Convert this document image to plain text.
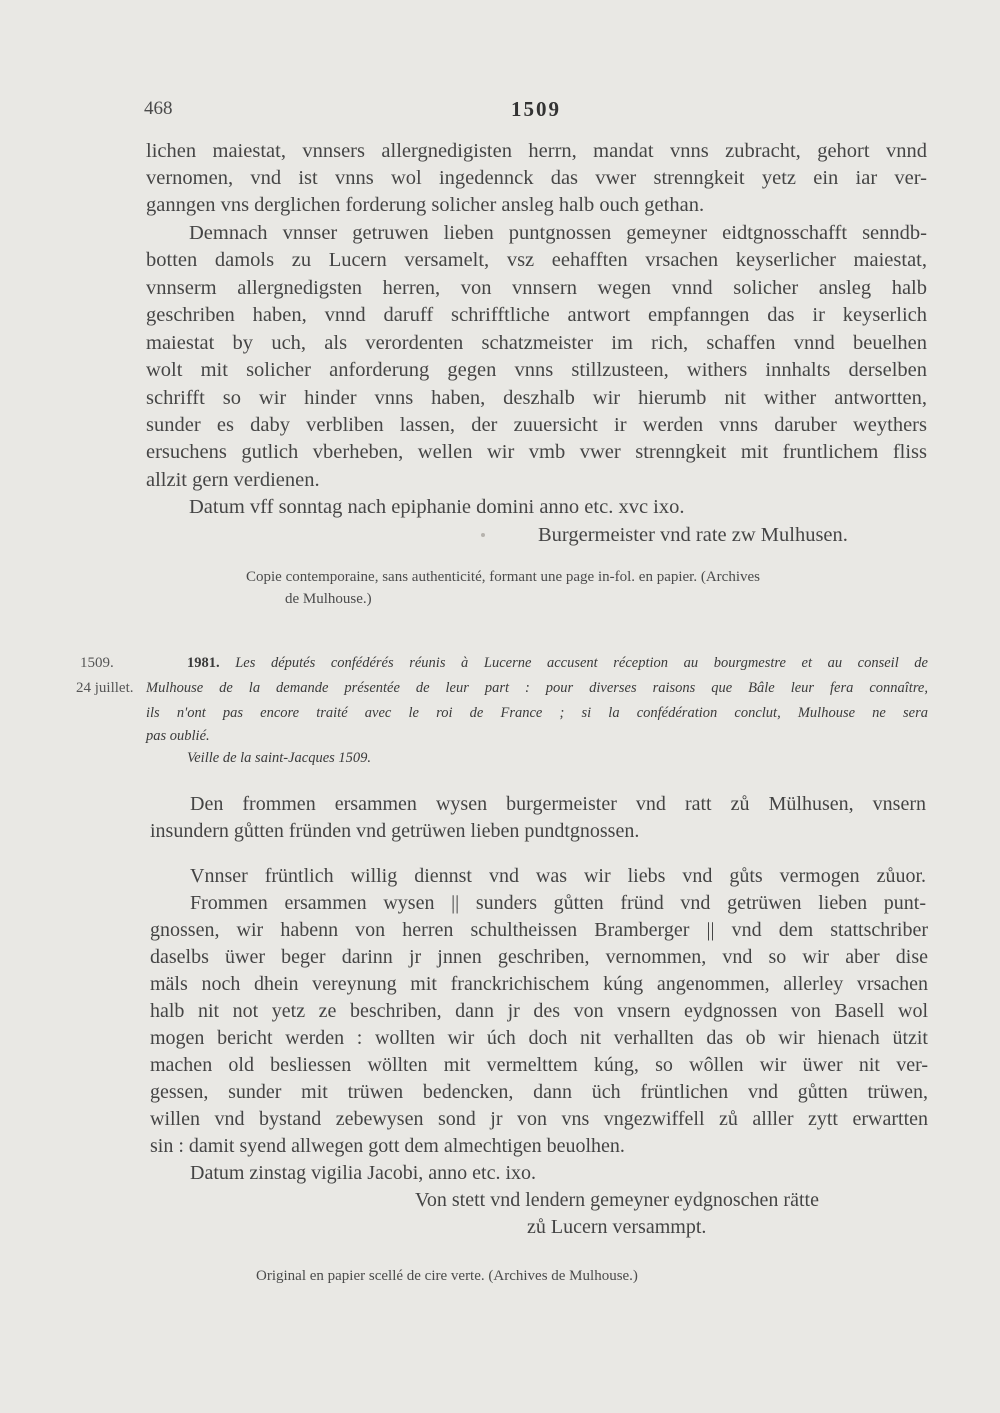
468	1509
lichen maiestat, vnnsers allergnedigisten herrn, mandat vnns zubracht, gehort vnnd
vernomen, vnd ist vnns wol ingedennck das vwer strenngkeit yetz ein iar ver-
ganngen vns derglichen forderung solicher ansleg halb ouch gethan.
Demnach vnnser getruwen lieben puntgnossen gemeyner eidtgnosschafft senndb-
botten damols zu Lucern versamelt, vsz eehafften vrsachen keyserlicher maiestat,
vnnserm allergnedigsten herren, von vnnsern wegen vnnd solicher ansleg halb
geschriben haben, vnnd daruff schrifftliche antwort empfanngen das ir keyserlich
maiestat by uch, als verordenten schatzmeister im rich, schaffen vnnd beuelhen
wolt mit solicher anforderung gegen vnns stillzusteen, withers innhalts derselben
schrifft so wir hinder vnns haben, deszhalb wir hierumb nit wither antwortten,
sunder es daby verbliben lassen, der zuuersicht ir werden vnns daruber weythers
ersuchens gutlich vberheben, wellen wir vmb vwer strenngkeit mit fruntlichem fliss
allzit gern verdienen.
Datum vff sonntag nach epiphanie domini anno etc. xvc ixo.
Burgermeister vnd rate zw Mulhusen.
Copie contemporaine, sans authenticité, formant une page in-fol. en papier. (Archives
de Mulhouse.)
1509.
24 juillet.
1981. Les députés confédérés réunis à Lucerne accusent réception au bourgmestre et au conseil de
Mulhouse de la demande présentée de leur part : pour diverses raisons que Bâle leur fera connaître,
ils n'ont pas encore traité avec le roi de France ; si la confédération conclut, Mulhouse ne sera
pas oublié.
Veille de la saint-Jacques 1509.
Den frommen ersammen wysen burgermeister vnd ratt zů Mülhusen, vnsern
insundern gůtten fründen vnd getrüwen lieben pundtgnossen.
Vnnser früntlich willig diennst vnd was wir liebs vnd gůts vermogen zůuor.
Frommen ersammen wysen || sunders gůtten fründ vnd getrüwen lieben punt-
gnossen, wir habenn von herren schultheissen Bramberger || vnd dem stattschriber
daselbs üwer beger darinn jr jnnen geschriben, vernommen, vnd so wir aber dise
mäls noch dhein vereynung mit franckrichischem kúng angenommen, allerley vrsachen
halb nit not yetz ze beschriben, dann jr des von vnsern eydgnossen von Basell wol
mogen bericht werden : wollten wir úch doch nit verhallten das ob wir hienach ützit
machen old besliessen wöllten mit vermelttem kúng, so wôllen wir üwer nit ver-
gessen, sunder mit trüwen bedencken, dann üch früntlichen vnd gůtten trüwen,
willen vnd bystand zebewysen sond jr von vns vngezwiffell zů alller zytt erwartten
sin : damit syend allwegen gott dem almechtigen beuolhen.
Datum zinstag vigilia Jacobi, anno etc. ixo.
Von stett vnd lendern gemeyner eydgnoschen rätte
zů Lucern versammpt.
Original en papier scellé de cire verte. (Archives de Mulhouse.)
